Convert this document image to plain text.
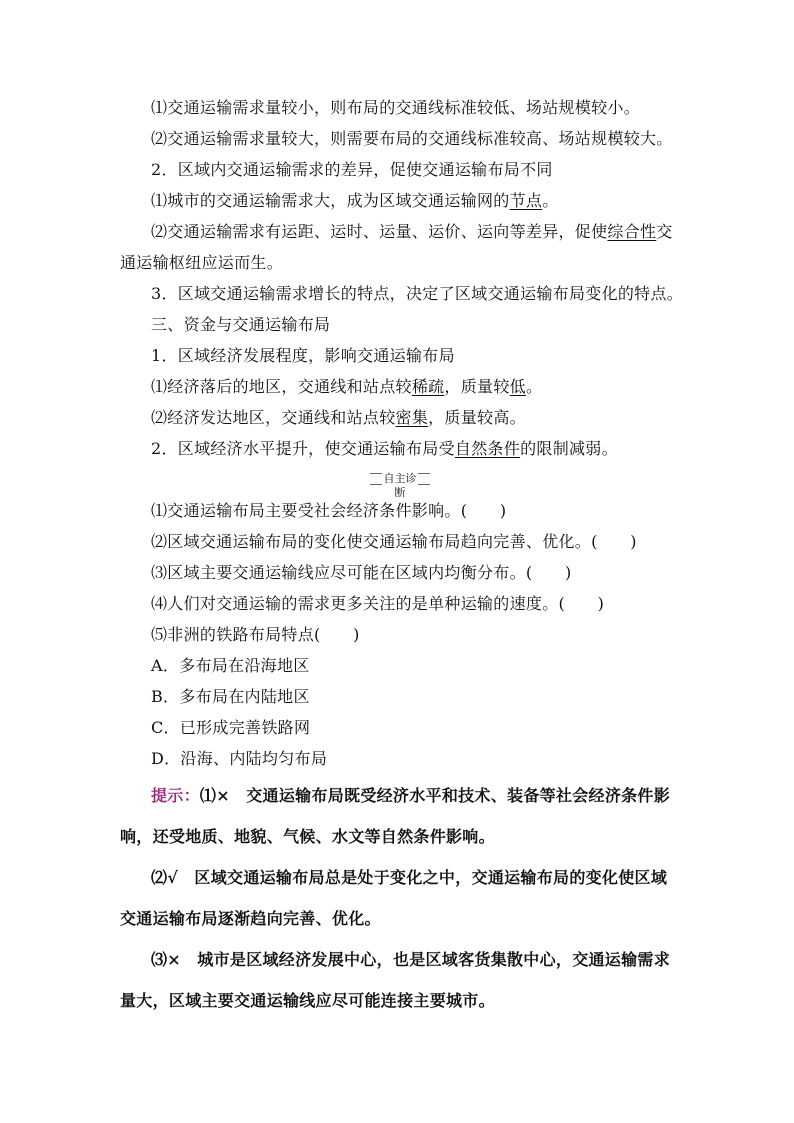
⑴交通运输需求量较小，则布局的交通线标准较低、场站规模较小。
⑵交通运输需求量较大，则需要布局的交通线标准较高、场站规模较大。
2．区域内交通运输需求的差异，促使交通运输布局不同
⑴城市的交通运输需求大，成为区域交通运输网的节点。
⑵交通运输需求有运距、运时、运量、运价、运向等差异，促使综合性交
通运输枢纽应运而生。
3．区域交通运输需求增长的特点，决定了区域交通运输布局变化的特点。
三、资金与交通运输布局
1．区域经济发展程度，影响交通运输布局
⑴经济落后的地区，交通线和站点较稀疏，质量较低。
⑵经济发达地区，交通线和站点较密集，质量较高。
2．区域经济水平提升，使交通运输布局受自然条件的限制减弱。
自主诊断
⑴交通运输布局主要受社会经济条件影响。(　　)
⑵区域交通运输布局的变化使交通运输布局趋向完善、优化。(　　)
⑶区域主要交通运输线应尽可能在区域内均衡分布。(　　)
⑷人们对交通运输的需求更多关注的是单种运输的速度。(　　)
⑸非洲的铁路布局特点(　　)
A．多布局在沿海地区
B．多布局在内陆地区
C．已形成完善铁路网
D．沿海、内陆均匀布局
提示：⑴×　交通运输布局既受经济水平和技术、装备等社会经济条件影
响，还受地质、地貌、气候、水文等自然条件影响。
⑵√　区域交通运输布局总是处于变化之中，交通运输布局的变化使区域
交通运输布局逐渐趋向完善、优化。
⑶×　城市是区域经济发展中心，也是区域客货集散中心，交通运输需求
量大，区域主要交通运输线应尽可能连接主要城市。
